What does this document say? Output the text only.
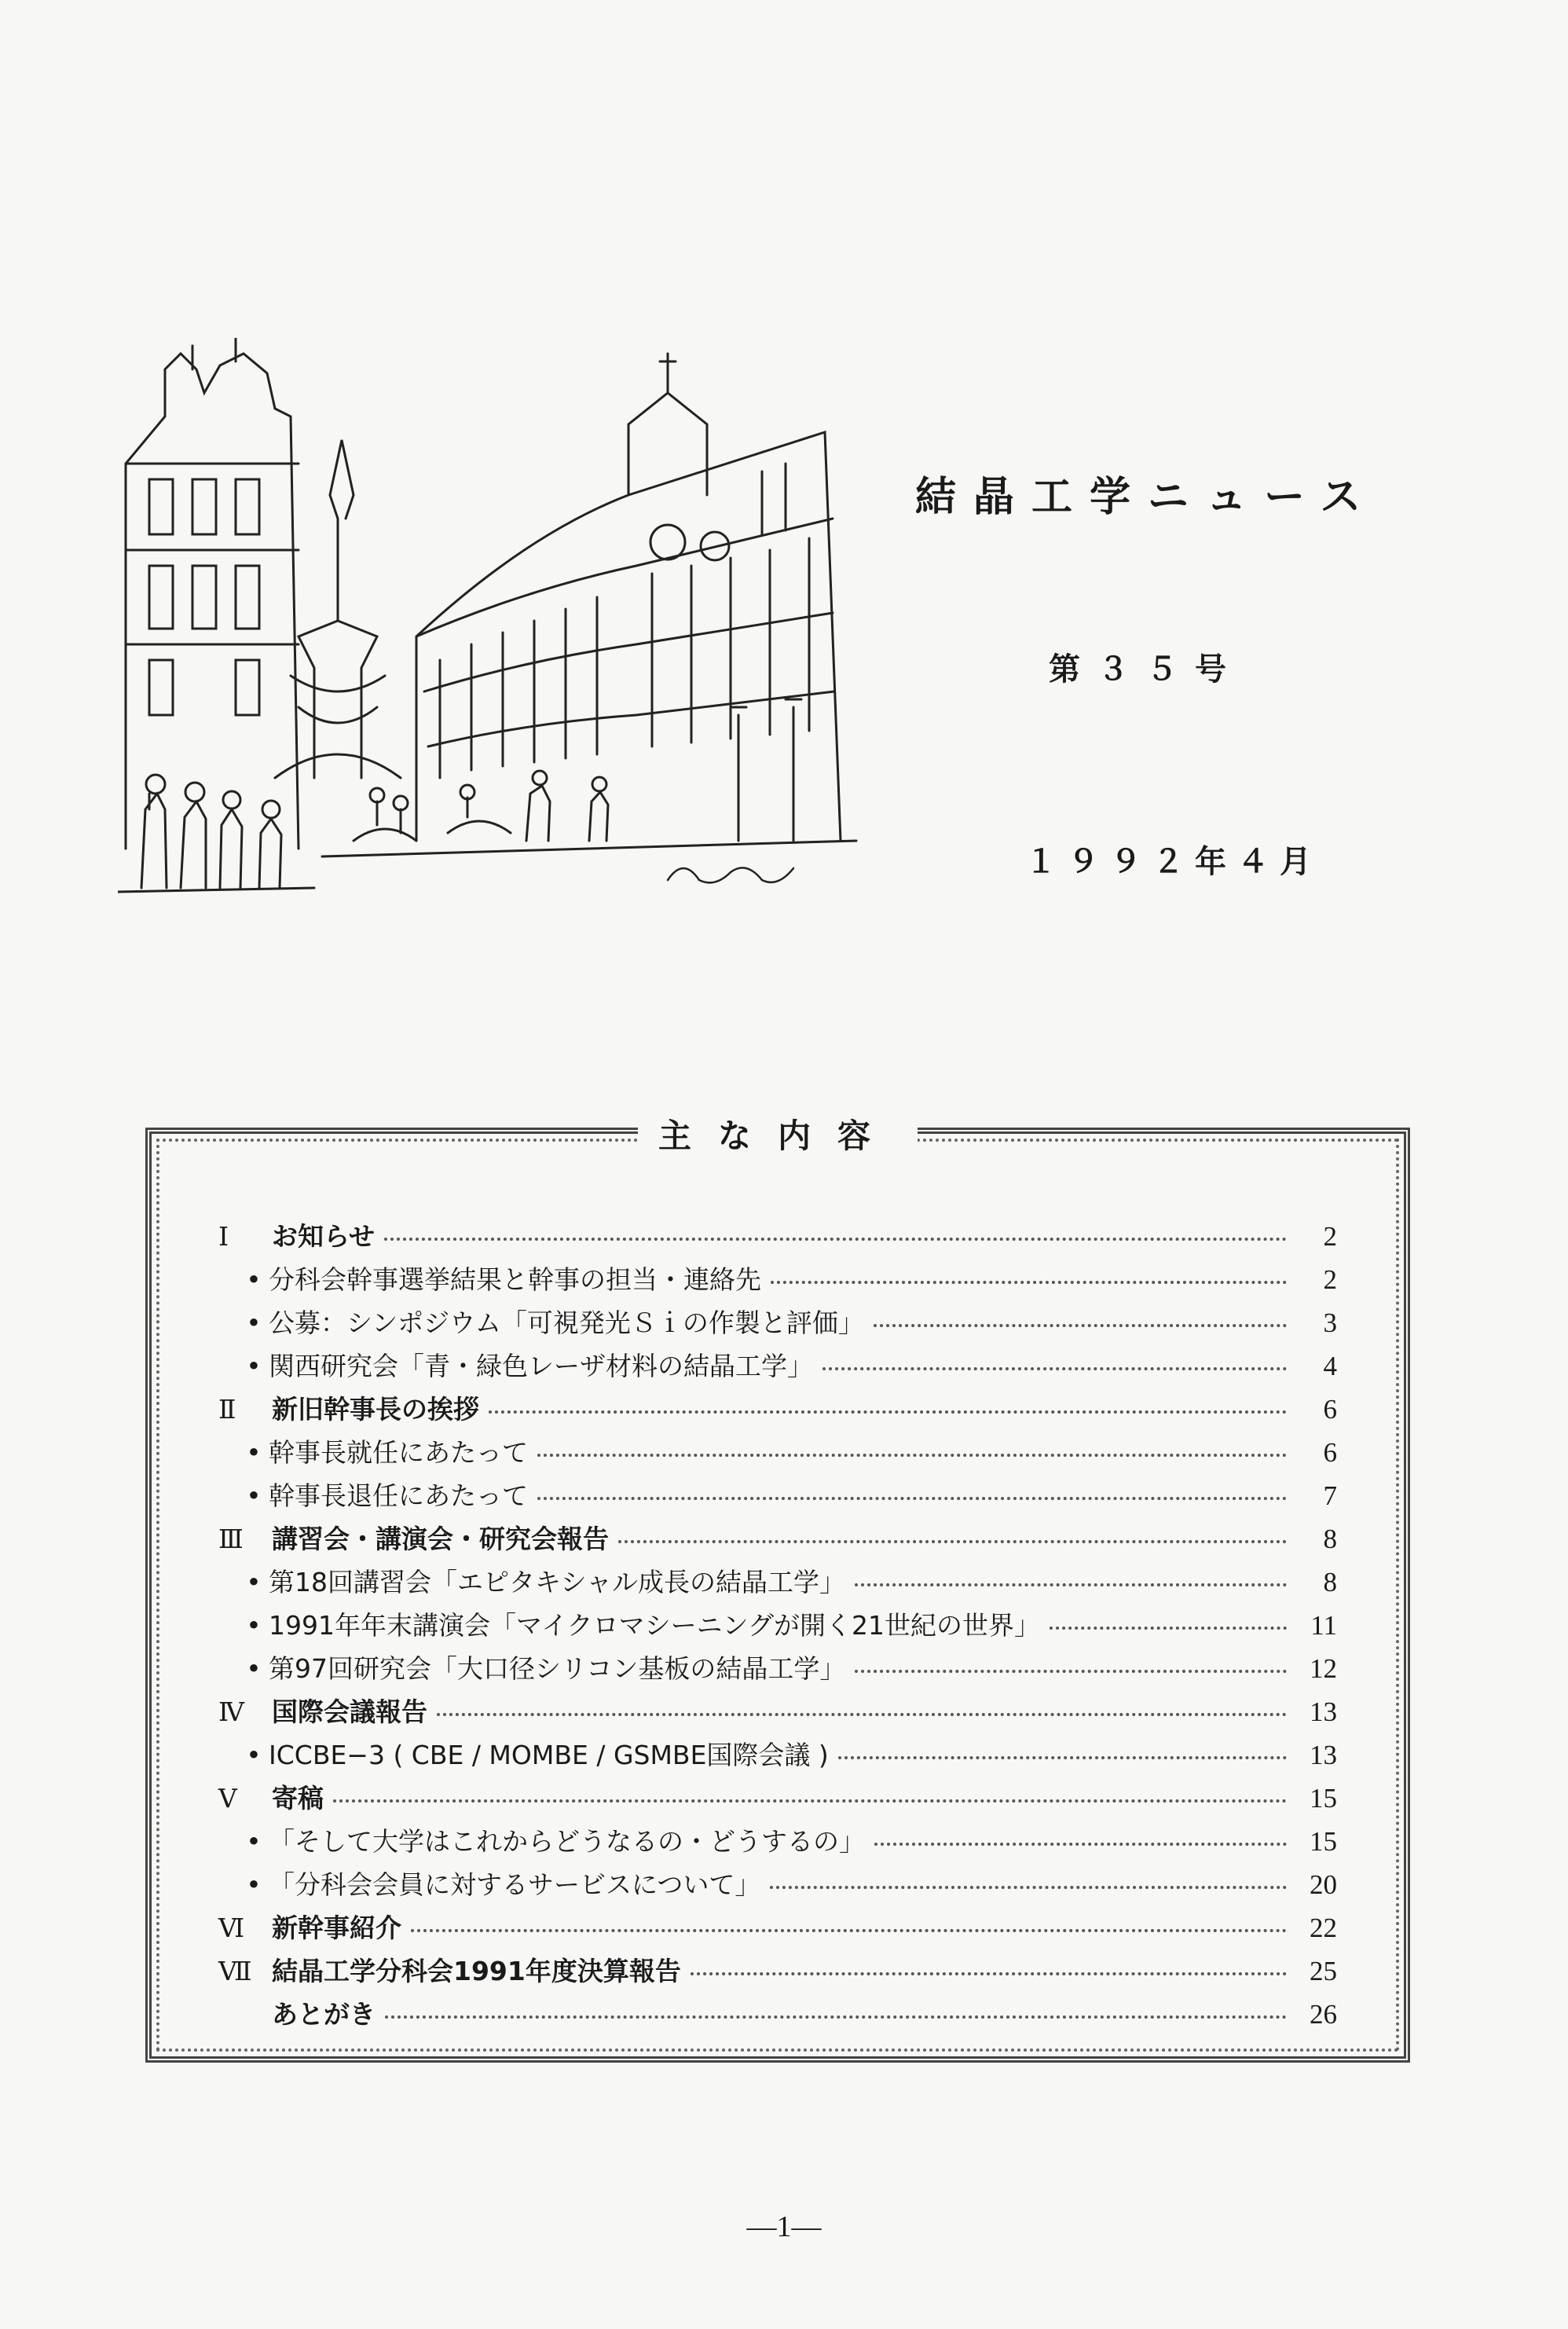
結晶工学ニュース
第３５号
１９９２年４月
主な内容
Ⅰ	お知らせ	2
• 分科会幹事選挙結果と幹事の担当・連絡先	2
• 公募：シンポジウム「可視発光Ｓｉの作製と評価」	3
• 関西研究会「青・緑色レーザ材料の結晶工学」	4
Ⅱ	新旧幹事長の挨拶	6
• 幹事長就任にあたって	6
• 幹事長退任にあたって	7
Ⅲ	講習会・講演会・研究会報告	8
• 第18回講習会「エピタキシャル成長の結晶工学」	8
• 1991年年末講演会「マイクロマシーニングが開く21世紀の世界」	11
• 第97回研究会「大口径シリコン基板の結晶工学」	12
Ⅳ	国際会議報告	13
• ICCBE−3 ( CBE / MOMBE / GSMBE国際会議 )	13
Ⅴ	寄稿	15
• 「そして大学はこれからどうなるの・どうするの」	15
• 「分科会会員に対するサービスについて」	20
Ⅵ	新幹事紹介	22
Ⅶ 結晶工学分科会1991年度決算報告	25
あとがき	26
—1—
